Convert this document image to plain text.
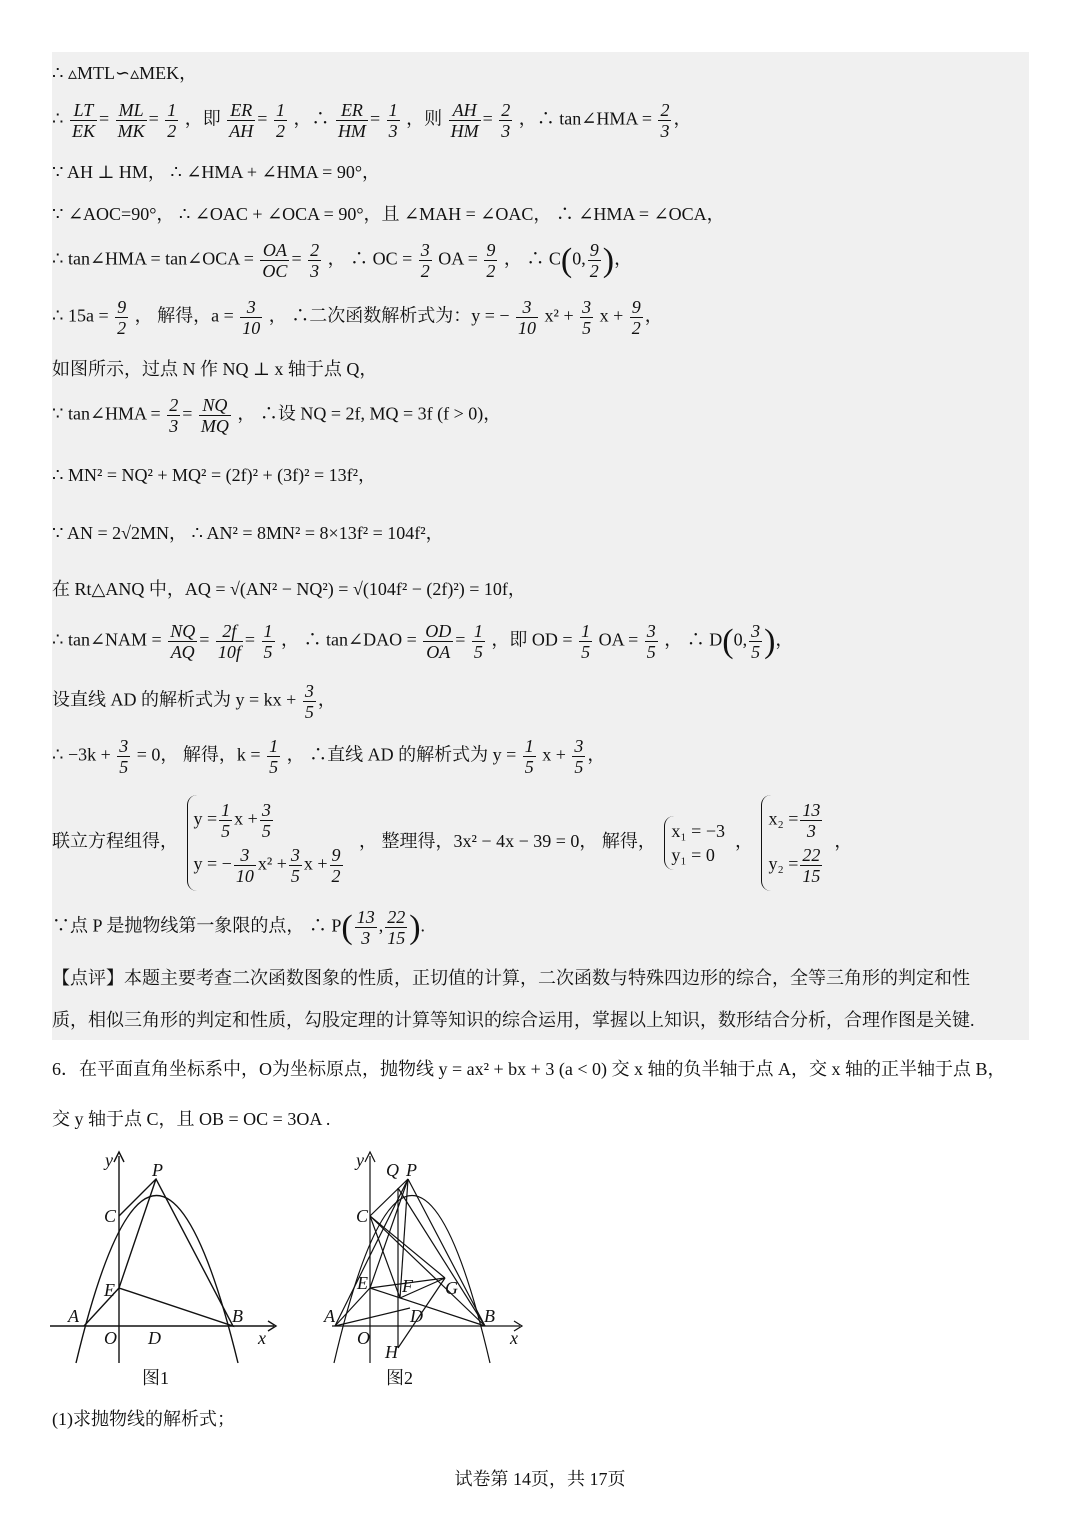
∴ ▵MTL∽▵MEK，
∴ $\frac{LT}{EK} = \frac{ML}{MK} = \frac{1}{2}$ ，即 $\frac{ER}{AH} = \frac{1}{2}$ ，∴ $\frac{ER}{HM} = \frac{1}{3}$ ，则 $\frac{AH}{HM} = \frac{2}{3}$ ，∴ tan∠HMA = $\frac{2}{3}$ ，
∵ AH ⊥ HM， ∴ ∠HMA + ∠HMA = 90°，
∵ ∠AOC=90°， ∴ ∠OAC + ∠OCA = 90°，且 ∠MAH = ∠OAC， ∴ ∠HMA = ∠OCA，
∴ tan∠HMA = tan∠OCA = $\frac{OA}{OC} = \frac{2}{3}$ ， ∴ OC = $\frac{3}{2}$ OA = $\frac{9}{2}$ ， ∴ C(0, $\frac{9}{2}$ )，
∴ $15a = \frac{9}{2}$ ， 解得，$a = \frac{3}{10}$ ， ∴二次函数解析式为：y = − $\frac{3}{10} x^2 + \frac{3}{5}$ $x + \frac{9}{2}$ ，
如图所示，过点 N 作 NQ ⊥ x 轴于点 Q，
∵ tan∠HMA = $\frac{2}{3} = \frac{NQ}{MQ}$ ， ∴设 NQ = 2f, MQ = 3f (f > 0)，
∴ MN² = NQ² + MQ² = (2f)² + (3f)² = 13f²，
∵ AN = 2√2MN， ∴ AN² = 8MN² = 8×13f² = 104f²，
在 Rt△ANQ 中，AQ = √(AN² − NQ²) = √(104f² − (2f)²) = 10f，
∴ tan∠NAM = $\frac{NQ}{AQ} = \frac{2f}{10f} = \frac{1}{5}$ ， ∴ tan∠DAO = $\frac{OD}{OA} = \frac{1}{5}$ ，即 OD = $\frac{1}{5}$ OA = $\frac{3}{5}$ ， ∴ D(0, $\frac{3}{5}$ )，
设直线 AD 的解析式为 y = kx + $\frac{3}{5}$ ，
∴ $-3k + \frac{3}{5} = 0$， 解得，$k = \frac{1}{5}$ ， ∴直线 AD 的解析式为 $y = \frac{1}{5}$ $x + \frac{3}{5}$ ，
联立方程组得，
$y = \frac{1}{5}$ $x + \frac{3}{5}$
y = − $\frac{3}{10} x^2 + \frac{3}{5}$ $x + \frac{9}{2}$
， 整理得，3x² − 4x − 39 = 0， 解得，
x₁ = −3
y₁ = 0
，
$x_2 = \frac{13}{3}$
$y_2 = \frac{22}{15}$
，
∵点 P 是抛物线第一象限的点， ∴ $P( \frac{13}{3}$ , $\frac{22}{15}$ ).
【点评】本题主要考查二次函数图象的性质，正切值的计算，二次函数与特殊四边形的综合，全等三角形的判定和性
质，相似三角形的判定和性质，勾股定理的计算等知识的综合运用，掌握以上知识，数形结合分析，合理作图是关键.
6．在平面直角坐标系中，O为坐标原点，抛物线 y = ax² + bx + 3 (a < 0) 交 x 轴的负半轴于点 A，交 x 轴的正半轴于点 B，
交 y 轴于点 C，且 OB = OC = 3OA .
y P
C
E
A
O D
B
x
图1
y Q P
C
E F G
A
O
D	B
H
x
图2
(1)求抛物线的解析式；
试卷第 14页，共 17页
